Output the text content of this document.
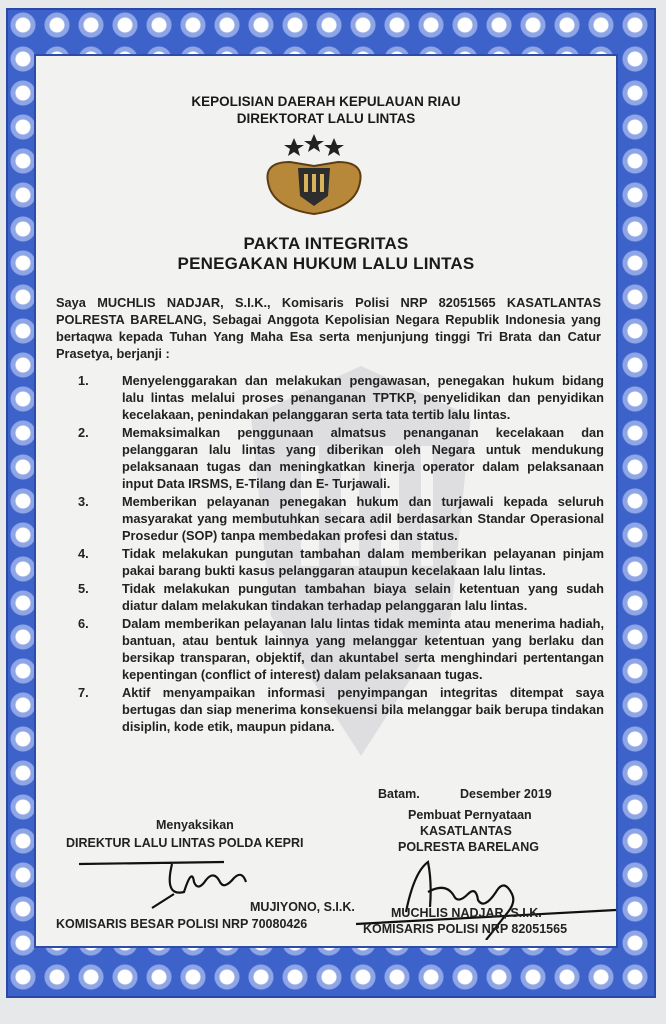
KEPOLISIAN DAERAH KEPULAUAN RIAU
DIREKTORAT LALU LINTAS
PAKTA INTEGRITAS
PENEGAKAN HUKUM LALU LINTAS
Saya MUCHLIS NADJAR, S.I.K., Komisaris Polisi NRP 82051565 KASATLANTAS POLRESTA BARELANG, Sebagai Anggota Kepolisian Negara Republik Indonesia yang bertaqwa kepada Tuhan Yang Maha Esa serta menjunjung tinggi Tri Brata dan Catur Prasetya, berjanji :
1.	Menyelenggarakan dan melakukan pengawasan, penegakan hukum bidang lalu lintas melalui proses penanganan TPTKP, penyelidikan dan penyidikan kecelakaan, penindakan pelanggaran serta tata tertib lalu lintas.
2.	Memaksimalkan penggunaan almatsus penanganan kecelakaan dan pelanggaran lalu lintas yang diberikan oleh Negara untuk mendukung pelaksanaan tugas dan meningkatkan kinerja operator dalam pelaksanaan input Data IRSMS, E-Tilang dan E- Turjawali.
3.	Memberikan pelayanan penegakan hukum dan turjawali kepada seluruh masyarakat yang membutuhkan secara adil berdasarkan Standar Operasional Prosedur (SOP) tanpa membedakan profesi dan status.
4.	Tidak melakukan pungutan tambahan dalam memberikan pelayanan pinjam pakai barang bukti kasus pelanggaran ataupun kecelakaan lalu lintas.
5.	Tidak melakukan pungutan tambahan biaya selain ketentuan yang sudah diatur dalam melakukan tindakan terhadap pelanggaran lalu lintas.
6.	Dalam memberikan pelayanan lalu lintas tidak meminta atau menerima hadiah, bantuan, atau bentuk lainnya yang melanggar ketentuan yang berlaku dan bersikap transparan, objektif, dan akuntabel serta menghindari pertentangan kepentingan (conflict of interest) dalam pelaksanaan tugas.
7.	Aktif menyampaikan informasi penyimpangan integritas ditempat saya bertugas dan siap menerima konsekuensi bila melanggar baik berupa tindakan disiplin, kode etik, maupun pidana.
Batam.	Desember 2019
Pembuat Pernyataan
KASATLANTAS
POLRESTA BARELANG
Menyaksikan
DIREKTUR LALU LINTAS POLDA KEPRI
MUJIYONO, S.I.K.
KOMISARIS BESAR POLISI NRP 70080426
MUCHLIS NADJAR, S.I.K.
KOMISARIS POLISI NRP 82051565
